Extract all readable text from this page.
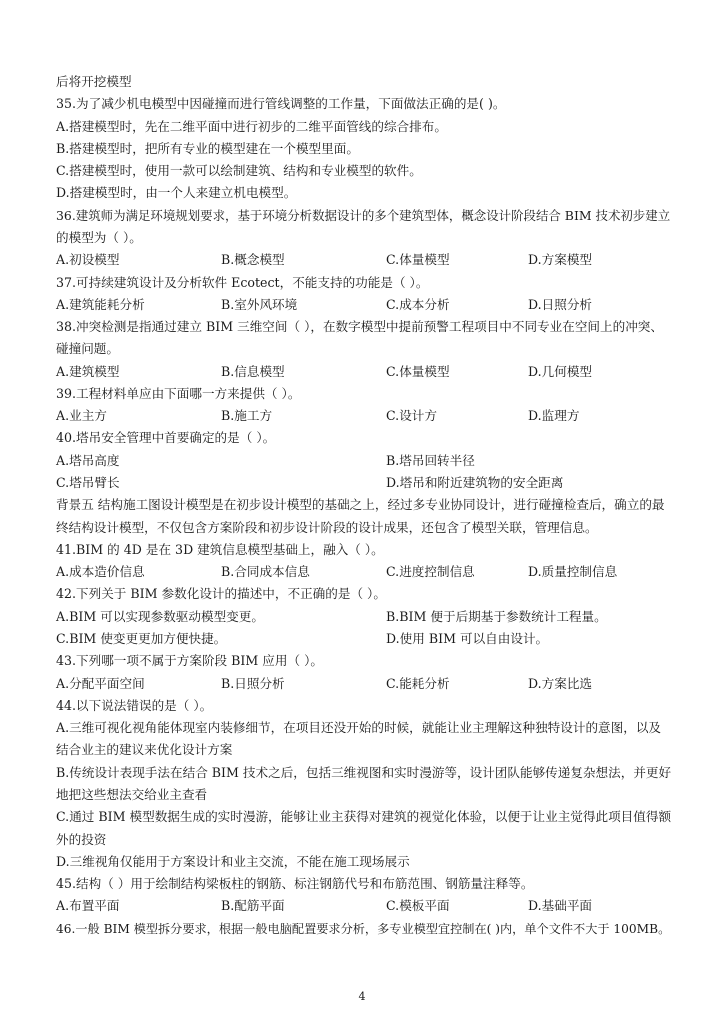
后将开挖模型
35.为了减少机电模型中因碰撞而进行管线调整的工作量，下面做法正确的是( )。
A.搭建模型时，先在二维平面中进行初步的二维平面管线的综合排布。
B.搭建模型时，把所有专业的模型建在一个模型里面。
C.搭建模型时，使用一款可以绘制建筑、结构和专业模型的软件。
D.搭建模型时，由一个人来建立机电模型。
36.建筑师为满足环境规划要求，基于环境分析数据设计的多个建筑型体，概念设计阶段结合 BIM 技术初步建立
的模型为（ ）。
A.初设模型	B.概念模型	C.体量模型	D.方案模型
37.可持续建筑设计及分析软件 Ecotect，不能支持的功能是（ ）。
A.建筑能耗分析	B.室外风环境	C.成本分析	D.日照分析
38.冲突检测是指通过建立 BIM 三维空间（ ），在数字模型中提前预警工程项目中不同专业在空间上的冲突、
碰撞问题。
A.建筑模型	B.信息模型	C.体量模型	D.几何模型
39.工程材料单应由下面哪一方来提供（ ）。
A.业主方	B.施工方	C.设计方	D.监理方
40.塔吊安全管理中首要确定的是（ ）。
A.塔吊高度	B.塔吊回转半径
C.塔吊臂长	D.塔吊和附近建筑物的安全距离
背景五 结构施工图设计模型是在初步设计模型的基础之上，经过多专业协同设计，进行碰撞检查后，确立的最
终结构设计模型，不仅包含方案阶段和初步设计阶段的设计成果，还包含了模型关联，管理信息。
41.BIM 的 4D 是在 3D 建筑信息模型基础上，融入（ ）。
A.成本造价信息	B.合同成本信息	C.进度控制信息	D.质量控制信息
42.下列关于 BIM 参数化设计的描述中，不正确的是（ ）。
A.BIM 可以实现参数驱动模型变更。	B.BIM 便于后期基于参数统计工程量。
C.BIM 使变更更加方便快捷。	D.使用 BIM 可以自由设计。
43.下列哪一项不属于方案阶段 BIM 应用（ ）。
A.分配平面空间	B.日照分析	C.能耗分析	D.方案比选
44.以下说法错误的是（ ）。
A.三维可视化视角能体现室内装修细节，在项目还没开始的时候，就能让业主理解这种独特设计的意图，以及
结合业主的建议来优化设计方案
B.传统设计表现手法在结合 BIM 技术之后，包括三维视图和实时漫游等，设计团队能够传递复杂想法，并更好
地把这些想法交给业主查看
C.通过 BIM 模型数据生成的实时漫游，能够让业主获得对建筑的视觉化体验，以便于让业主觉得此项目值得额
外的投资
D.三维视角仅能用于方案设计和业主交流，不能在施工现场展示
45.结构（ ）用于绘制结构梁板柱的钢筋、标注钢筋代号和布筋范围、钢筋量注释等。
A.布置平面	B.配筋平面	C.模板平面	D.基础平面
46.一般 BIM 模型拆分要求，根据一般电脑配置要求分析，多专业模型宜控制在( )内，单个文件不大于 100MB。
4
